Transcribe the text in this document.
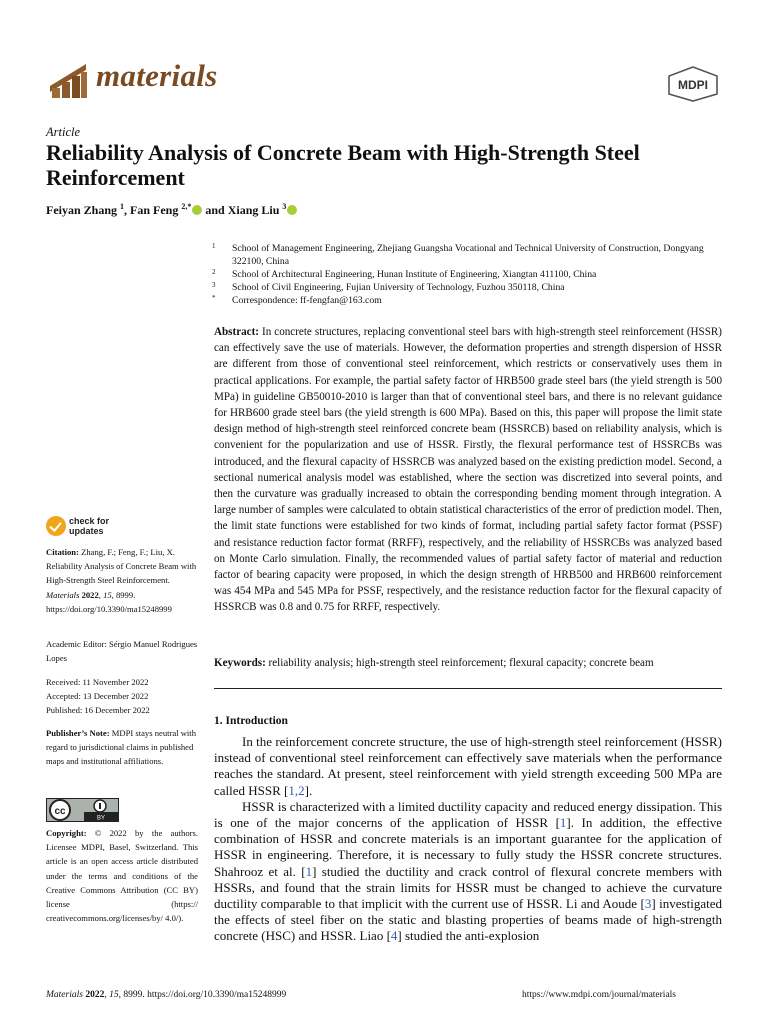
materials	MDPI
Article
Reliability Analysis of Concrete Beam with High-Strength Steel Reinforcement
Feiyan Zhang $^1$, Fan Feng $^{2,*}$ and Xiang Liu $^3$
1	School of Management Engineering, Zhejiang Guangsha Vocational and Technical University of Construction, Dongyang 322100, China
2	School of Architectural Engineering, Hunan Institute of Engineering, Xiangtan 411100, China
3	School of Civil Engineering, Fujian University of Technology, Fuzhou 350118, China
*	Correspondence: ff-fengfan@163.com
Abstract: In concrete structures, replacing conventional steel bars with high-strength steel reinforcement (HSSR) can effectively save the use of materials. However, the deformation properties and strength dispersion of HSSR are different from those of conventional steel reinforcement, which restricts or conservatively uses them in practical applications. For example, the partial safety factor of HRB500 grade steel bars (the yield strength is 500 MPa) in guideline GB50010-2010 is larger than that of conventional steel bars, and there is no relevant guidance for HRB600 grade steel bars (the yield strength is 600 MPa). Based on this, this paper will propose the limit state design method of high-strength steel reinforced concrete beam (HSSRCB) based on reliability analysis, which is convenient for the popularization and use of HSSR. Firstly, the flexural performance test of HSSRCBs was introduced, and the flexural capacity of HSSRCB was analyzed based on the existing prediction model. Second, a sectional numerical analysis model was established, where the section was discretized into several points, and then the curvature was gradually increased to obtain the corresponding bending moment through integration. A large number of samples were calculated to obtain statistical characteristics of the error of prediction model. Then, the limit state functions were established for two kinds of format, including partial safety factor format (PSSF) and resistance reduction factor format (RRFF), respectively, and the reliability of HSSRCBs was analyzed based on Monte Carlo simulation. Finally, the recommended values of partial safety factor of material and reduction factor of bearing capacity were proposed, in which the design strength of HRB500 and HRB600 reinforcement was 454 MPa and 545 MPa for PSSF, respectively, and the resistance reduction factor for the flexural capacity of HSSRCB was 0.8 and 0.75 for RRFF, respectively.
Keywords: reliability analysis; high-strength steel reinforcement; flexural capacity; concrete beam
1. Introduction

In the reinforcement concrete structure, the use of high-strength steel reinforcement (HSSR) instead of conventional steel reinforcement can effectively save materials when the performance reaches the standard. At present, steel reinforcement with yield strength exceeding 500 MPa are called HSSR [1,2].

HSSR is characterized with a limited ductility capacity and reduced energy dissipation. This is one of the major concerns of the application of HSSR [1]. In addition, the effective combination of HSSR and concrete materials is an important guarantee for the application of HSSR in engineering. Therefore, it is necessary to fully study the HSSR concrete structures. Shahrooz et al. [1] studied the ductility and crack control of flexural concrete members with HSSRs, and found that the strain limits for HSSR must be changed to achieve the curvature ductility comparable to that implicit with the current use of HSSR. Li and Aoude [3] investigated the effects of steel fiber on the static and blasting properties of beams made of high-strength concrete (HSC) and HSSR. Liao [4] studied the anti-explosion

check for
updates
Citation: Zhang, F.; Feng, F.; Liu, X. Reliability Analysis of Concrete Beam with High-Strength Steel Reinforcement. Materials 2022, 15, 8999. https://doi.org/10.3390/ma15248999
Academic Editor: Sérgio Manuel Rodrigues Lopes
Received: 11 November 2022
Accepted: 13 December 2022
Published: 16 December 2022
Publisher’s Note: MDPI stays neutral with regard to jurisdictional claims in published maps and institutional affiliations.
cc
BY
Copyright: © 2022 by the authors. Licensee MDPI, Basel, Switzerland. This article is an open access article distributed under the terms and conditions of the Creative Commons Attribution (CC BY) license (https:// creativecommons.org/licenses/by/ 4.0/).
Materials 2022, 15, 8999. https://doi.org/10.3390/ma15248999	https://www.mdpi.com/journal/materials
